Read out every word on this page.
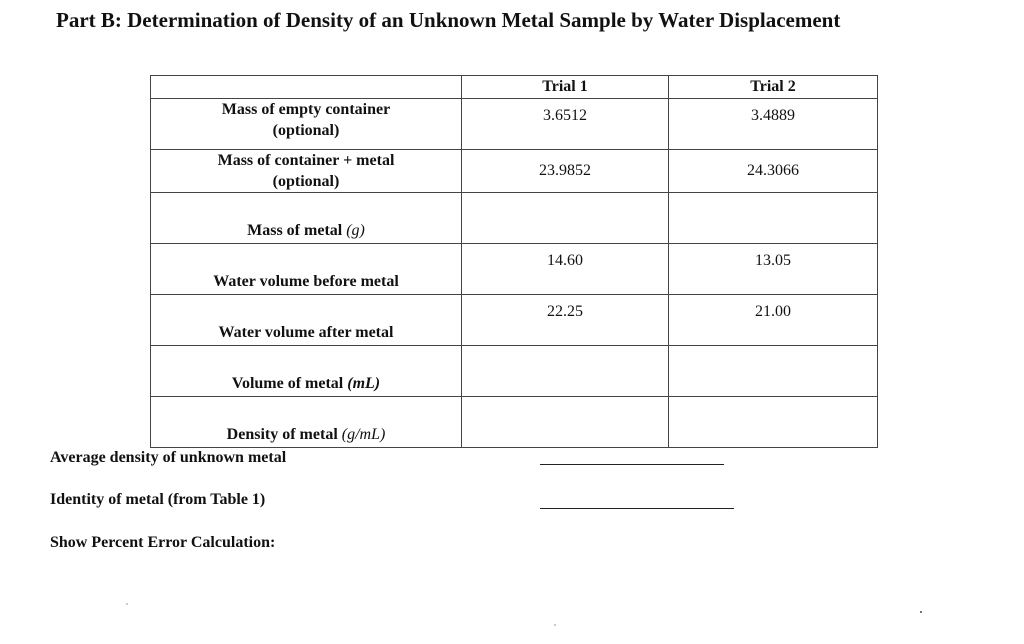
Part B: Determination of Density of an Unknown Metal Sample by Water Displacement
	Trial 1	Trial 2

Mass of empty container
(optional)	3.6512	3.4889

Mass of container + metal
(optional)	23.9852	24.3066
Mass of metal (g)		
Water volume before metal	14.60	13.05
Water volume after metal	22.25	21.00
Volume of metal (mL)		
Density of metal (g/mL)		
Average density of unknown metal
Identity of metal (from Table 1)
Show Percent Error Calculation:
